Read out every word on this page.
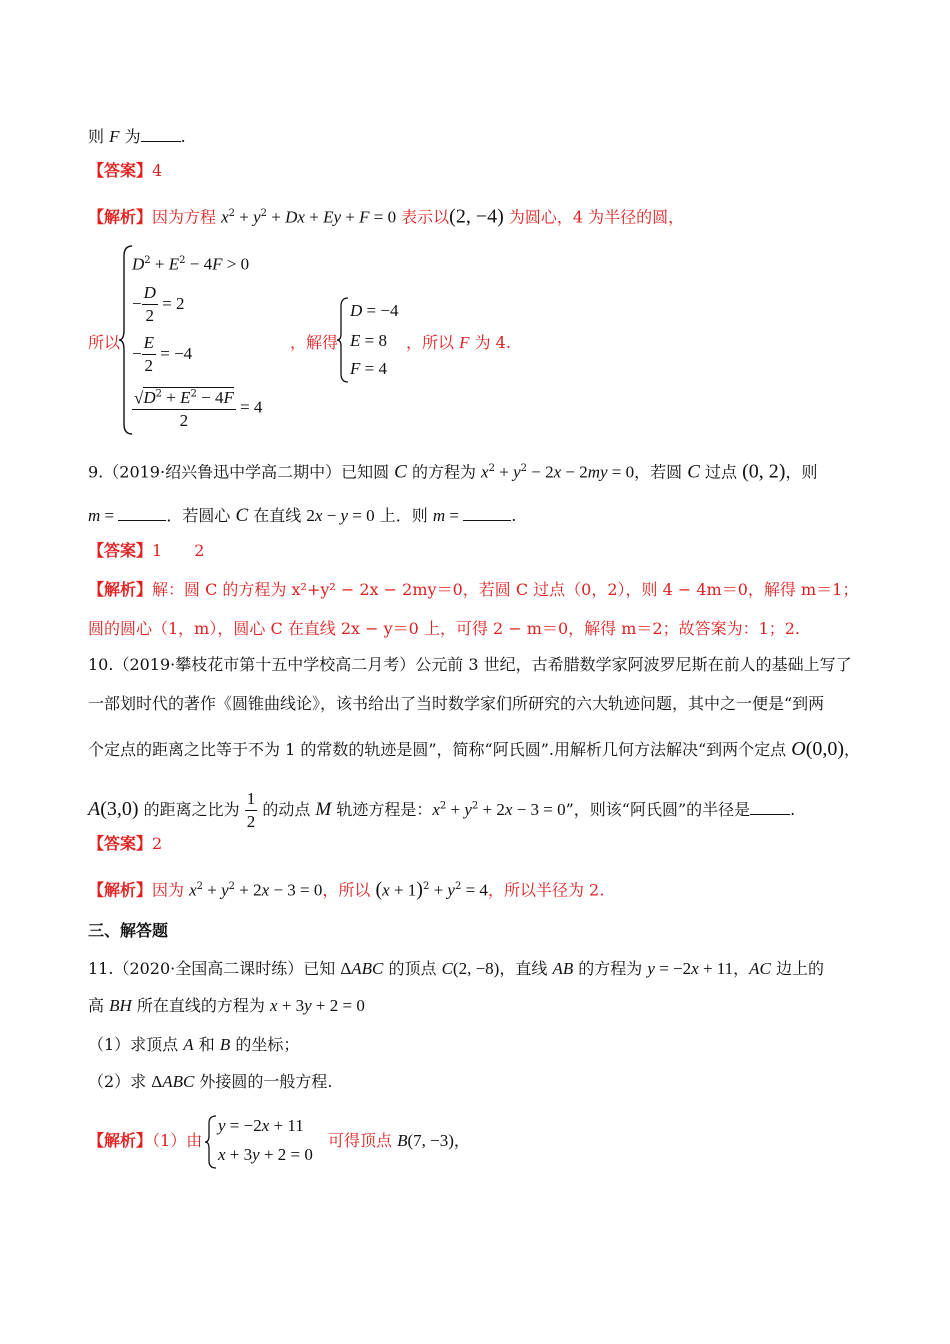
则 F 为	.
【答案】4
【解析】因为方程 $x^2 + y^2 + Dx + Ey + F = 0$ 表示以(2, −4) 为圆心，4 为半径的圆，
所以
$D^2 + E^2 - 4F > 0$
− $\frac{D}{2} = 2$
− $\frac{E}{2} = -4$
$\frac{√D^2 + E^2 - 4F}{2} = 4$
，解得
D = −4
E = 8
F = 4
，所以 F 为 4.
9.（2019·绍兴鲁迅中学高二期中）已知圆 C 的方程为 $x^2 + y^2 - 2x - 2my = 0$，若圆 C 过点 (0, 2)，则
m =	．若圆心 C 在直线 2x − y = 0 上．则 m =	.
【答案】1　　2
【解析】解：圆 C 的方程为 x²+y² − 2x − 2my＝0，若圆 C 过点（0，2），则 4 − 4m＝0，解得 m＝1；
圆的圆心（1，m），圆心 C 在直线 2x − y＝0 上，可得 2 − m＝0，解得 m＝2；故答案为：1；2.
10.（2019·攀枝花市第十五中学校高二月考）公元前 3 世纪，古希腊数学家阿波罗尼斯在前人的基础上写了
一部划时代的著作《圆锥曲线论》，该书给出了当时数学家们所研究的六大轨迹问题，其中之一便是“到两
个定点的距离之比等于不为 1 的常数的轨迹是圆”，简称“阿氏圆”.用解析几何方法解决“到两个定点 O(0,0)，
A(3,0) 的距离之比为 $\frac{1}{2}$ 的动点 M 轨迹方程是：$x^2 + y^2 + 2x - 3 = 0$”，则该“阿氏圆”的半径是	.
【答案】2
【解析】因为 $x^2 + y^2 + 2x - 3 = 0$，所以 $(x + 1)^2 + y^2 = 4$，所以半径为 2.
三、解答题
11.（2020·全国高二课时练）已知 ΔABC 的顶点 C(2, −8)，直线 AB 的方程为 y = −2x + 11，AC 边上的
高 BH 所在直线的方程为 x + 3y + 2 = 0
（1）求顶点 A 和 B 的坐标；
（2）求 ΔABC 外接圆的一般方程.
【解析】（1）由
y = −2x + 11
x + 3y + 2 = 0
可得顶点 B(7, −3)，
